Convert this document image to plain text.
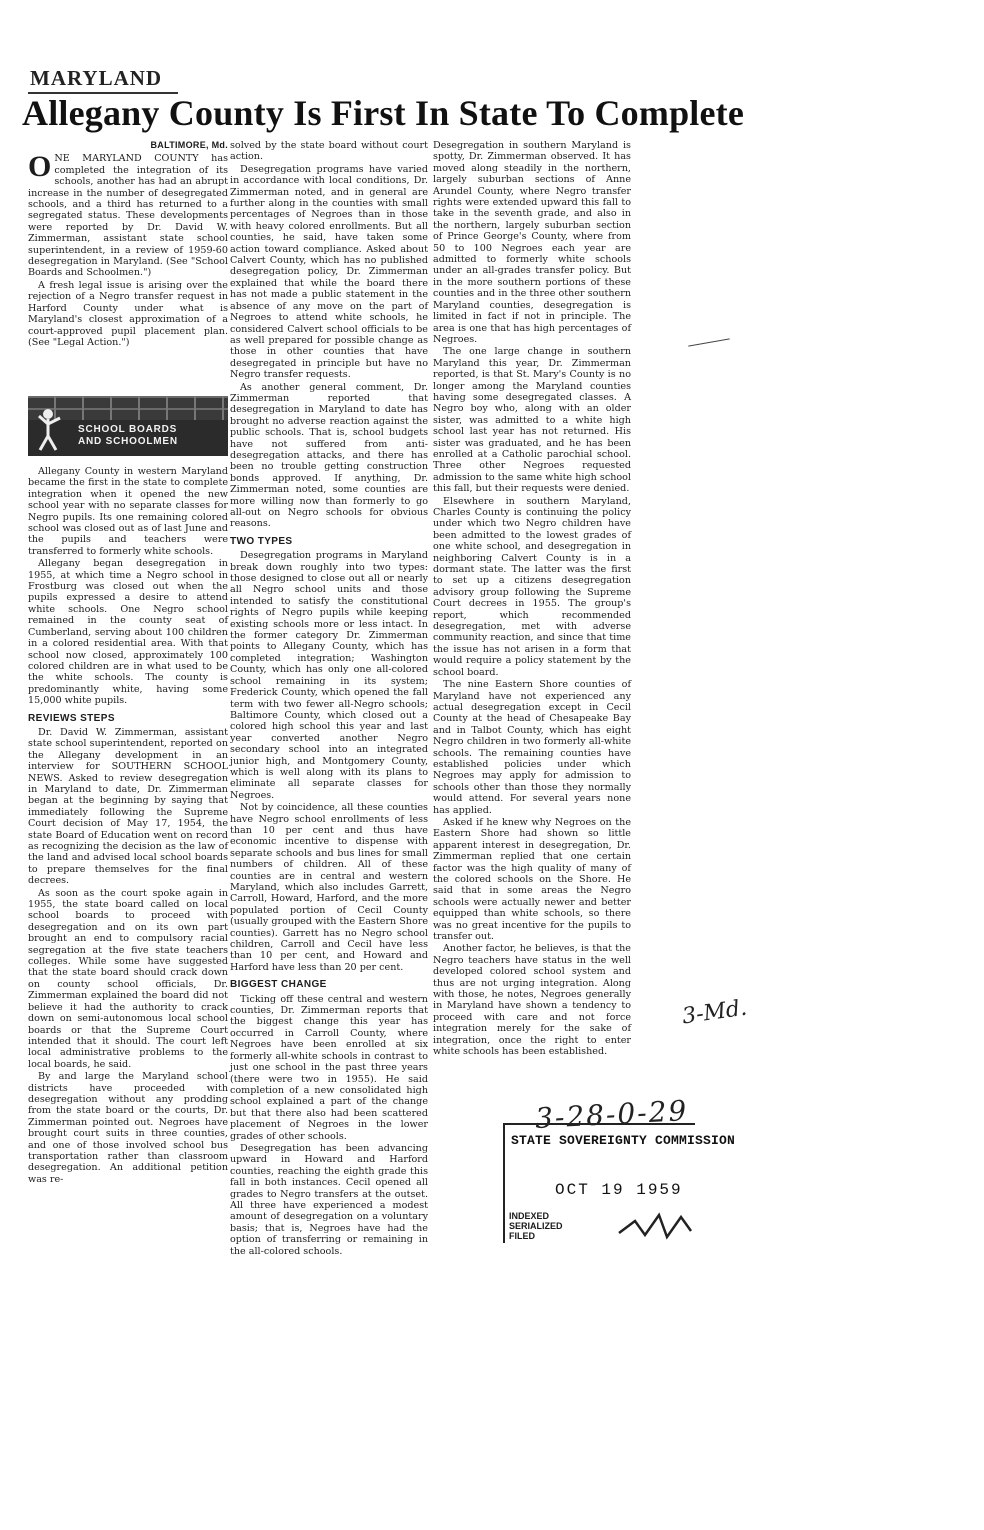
MARYLAND
Allegany County Is First In State To Complete
BALTIMORE, Md.

ONE MARYLAND COUNTY has completed the integration of its schools, another has had an abrupt increase in the number of desegregated schools, and a third has returned to a segregated status. These developments were reported by Dr. David W. Zimmerman, assistant state school superintendent, in a review of 1959-60 desegregation in Maryland. (See "School Boards and Schoolmen.")

A fresh legal issue is arising over the rejection of a Negro transfer request in Harford County under what is Maryland's closest approximation of a court-approved pupil placement plan. (See "Legal Action.")

SCHOOL BOARDS
AND SCHOOLMEN

Allegany County in western Maryland became the first in the state to complete integration when it opened the new school year with no separate classes for Negro pupils. Its one remaining colored school was closed out as of last June and the pupils and teachers were transferred to formerly white schools.

Allegany began desegregation in 1955, at which time a Negro school in Frostburg was closed out when the pupils expressed a desire to attend white schools. One Negro school remained in the county seat of Cumberland, serving about 100 children in a colored residential area. With that school now closed, approximately 100 colored children are in what used to be the white schools. The county is predominantly white, having some 15,000 white pupils.

REVIEWS STEPS

Dr. David W. Zimmerman, assistant state school superintendent, reported on the Allegany development in an interview for SOUTHERN SCHOOL NEWS. Asked to review desegregation in Maryland to date, Dr. Zimmerman began at the beginning by saying that immediately following the Supreme Court decision of May 17, 1954, the state Board of Education went on record as recognizing the decision as the law of the land and advised local school boards to prepare themselves for the final decrees.

As soon as the court spoke again in 1955, the state board called on local school boards to proceed with desegregation and on its own part brought an end to compulsory racial segregation at the five state teachers colleges. While some have suggested that the state board should crack down on county school officials, Dr. Zimmerman explained the board did not believe it had the authority to crack down on semi-autonomous local school boards or that the Supreme Court intended that it should. The court left local administrative problems to the local boards, he said.

By and large the Maryland school districts have proceeded with desegregation without any prodding from the state board or the courts, Dr. Zimmerman pointed out. Negroes have brought court suits in three counties, and one of those involved school bus transportation rather than classroom desegregation. An additional petition was re-

solved by the state board without court action.

Desegregation programs have varied in accordance with local conditions, Dr. Zimmerman noted, and in general are further along in the counties with small percentages of Negroes than in those with heavy colored enrollments. But all counties, he said, have taken some action toward compliance. Asked about Calvert County, which has no published desegregation policy, Dr. Zimmerman explained that while the board there has not made a public statement in the absence of any move on the part of Negroes to attend white schools, he considered Calvert school officials to be as well prepared for possible change as those in other counties that have desegregated in principle but have no Negro transfer requests.

As another general comment, Dr. Zimmerman reported that desegregation in Maryland to date has brought no adverse reaction against the public schools. That is, school budgets have not suffered from anti-desegregation attacks, and there has been no trouble getting construction bonds approved. If anything, Dr. Zimmerman noted, some counties are more willing now than formerly to go all-out on Negro schools for obvious reasons.

TWO TYPES

Desegregation programs in Maryland break down roughly into two types: those designed to close out all or nearly all Negro school units and those intended to satisfy the constitutional rights of Negro pupils while keeping existing schools more or less intact. In the former category Dr. Zimmerman points to Allegany County, which has completed integration; Washington County, which has only one all-colored school remaining in its system; Frederick County, which opened the fall term with two fewer all-Negro schools; Baltimore County, which closed out a colored high school this year and last year converted another Negro secondary school into an integrated junior high, and Montgomery County, which is well along with its plans to eliminate all separate classes for Negroes.

Not by coincidence, all these counties have Negro school enrollments of less than 10 per cent and thus have economic incentive to dispense with separate schools and bus lines for small numbers of children. All of these counties are in central and western Maryland, which also includes Garrett, Carroll, Howard, Harford, and the more populated portion of Cecil County (usually grouped with the Eastern Shore counties). Garrett has no Negro school children, Carroll and Cecil have less than 10 per cent, and Howard and Harford have less than 20 per cent.

BIGGEST CHANGE

Ticking off these central and western counties, Dr. Zimmerman reports that the biggest change this year has occurred in Carroll County, where Negroes have been enrolled at six formerly all-white schools in contrast to just one school in the past three years (there were two in 1955). He said completion of a new consolidated high school explained a part of the change but that there also had been scattered placement of Negroes in the lower grades of other schools.

Desegregation has been advancing upward in Howard and Harford counties, reaching the eighth grade this fall in both instances. Cecil opened all grades to Negro transfers at the outset. All three have experienced a modest amount of desegregation on a voluntary basis; that is, Negroes have had the option of transferring or remaining in the all-colored schools.

Desegregation in southern Maryland is spotty, Dr. Zimmerman observed. It has moved along steadily in the northern, largely suburban sections of Anne Arundel County, where Negro transfer rights were extended upward this fall to take in the seventh grade, and also in the northern, largely suburban section of Prince George's County, where from 50 to 100 Negroes each year are admitted to formerly white schools under an all-grades transfer policy. But in the more southern portions of these counties and in the three other southern Maryland counties, desegregation is limited in fact if not in principle. The area is one that has high percentages of Negroes.

The one large change in southern Maryland this year, Dr. Zimmerman reported, is that St. Mary's County is no longer among the Maryland counties having some desegregated classes. A Negro boy who, along with an older sister, was admitted to a white high school last year has not returned. His sister was graduated, and he has been enrolled at a Catholic parochial school. Three other Negroes requested admission to the same white high school this fall, but their requests were denied.

Elsewhere in southern Maryland, Charles County is continuing the policy under which two Negro children have been admitted to the lowest grades of one white school, and desegregation in neighboring Calvert County is in a dormant state. The latter was the first to set up a citizens desegregation advisory group following the Supreme Court decrees in 1955. The group's report, which recommended desegregation, met with adverse community reaction, and since that time the issue has not arisen in a form that would require a policy statement by the school board.

The nine Eastern Shore counties of Maryland have not experienced any actual desegregation except in Cecil County at the head of Chesapeake Bay and in Talbot County, which has eight Negro children in two formerly all-white schools. The remaining counties have established policies under which Negroes may apply for admission to schools other than those they normally would attend. For several years none has applied.

Asked if he knew why Negroes on the Eastern Shore had shown so little apparent interest in desegregation, Dr. Zimmerman replied that one certain factor was the high quality of many of the colored schools on the Shore. He said that in some areas the Negro schools were actually newer and better equipped than white schools, so there was no great incentive for the pupils to transfer out.

Another factor, he believes, is that the Negro teachers have status in the well developed colored school system and thus are not urging integration. Along with those, he notes, Negroes generally in Maryland have shown a tendency to proceed with care and not force integration merely for the sake of integration, once the right to enter white schools has been established.

3-28-0-29
3-Md.
STATE SOVEREIGNTY COMMISSION
OCT 19 1959
INDEXED
SERIALIZED
FILED
